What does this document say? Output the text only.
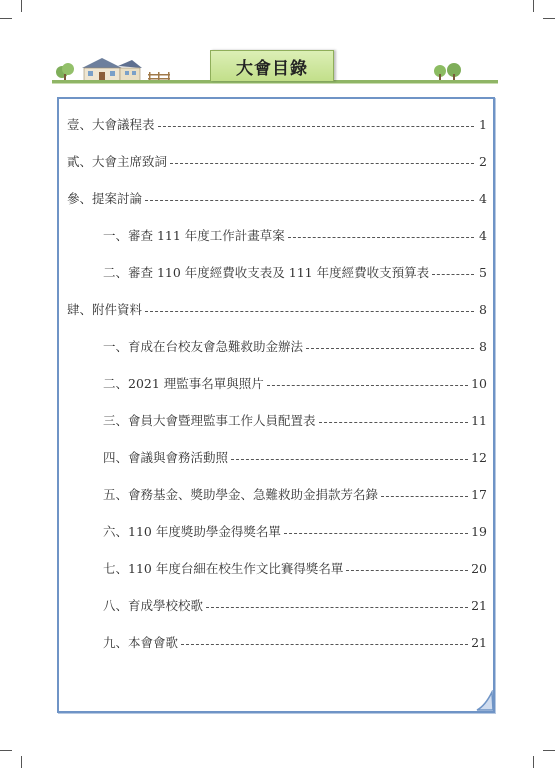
大會目錄
壹、大會議程表	1
貳、大會主席致詞	2
參、提案討論	4
一、審查 111 年度工作計畫草案	4
二、審查 110 年度經費收支表及 111 年度經費收支預算表	5
肆、附件資料	8
一、育成在台校友會急難救助金辦法	8
二、2021 理監事名單與照片	10
三、會員大會暨理監事工作人員配置表	11
四、會議與會務活動照	12
五、會務基金、獎助學金、急難救助金捐款芳名錄	17
六、110 年度獎助學金得獎名單	19
七、110 年度台細在校生作文比賽得獎名單	20
八、育成學校校歌	21
九、本會會歌	21
